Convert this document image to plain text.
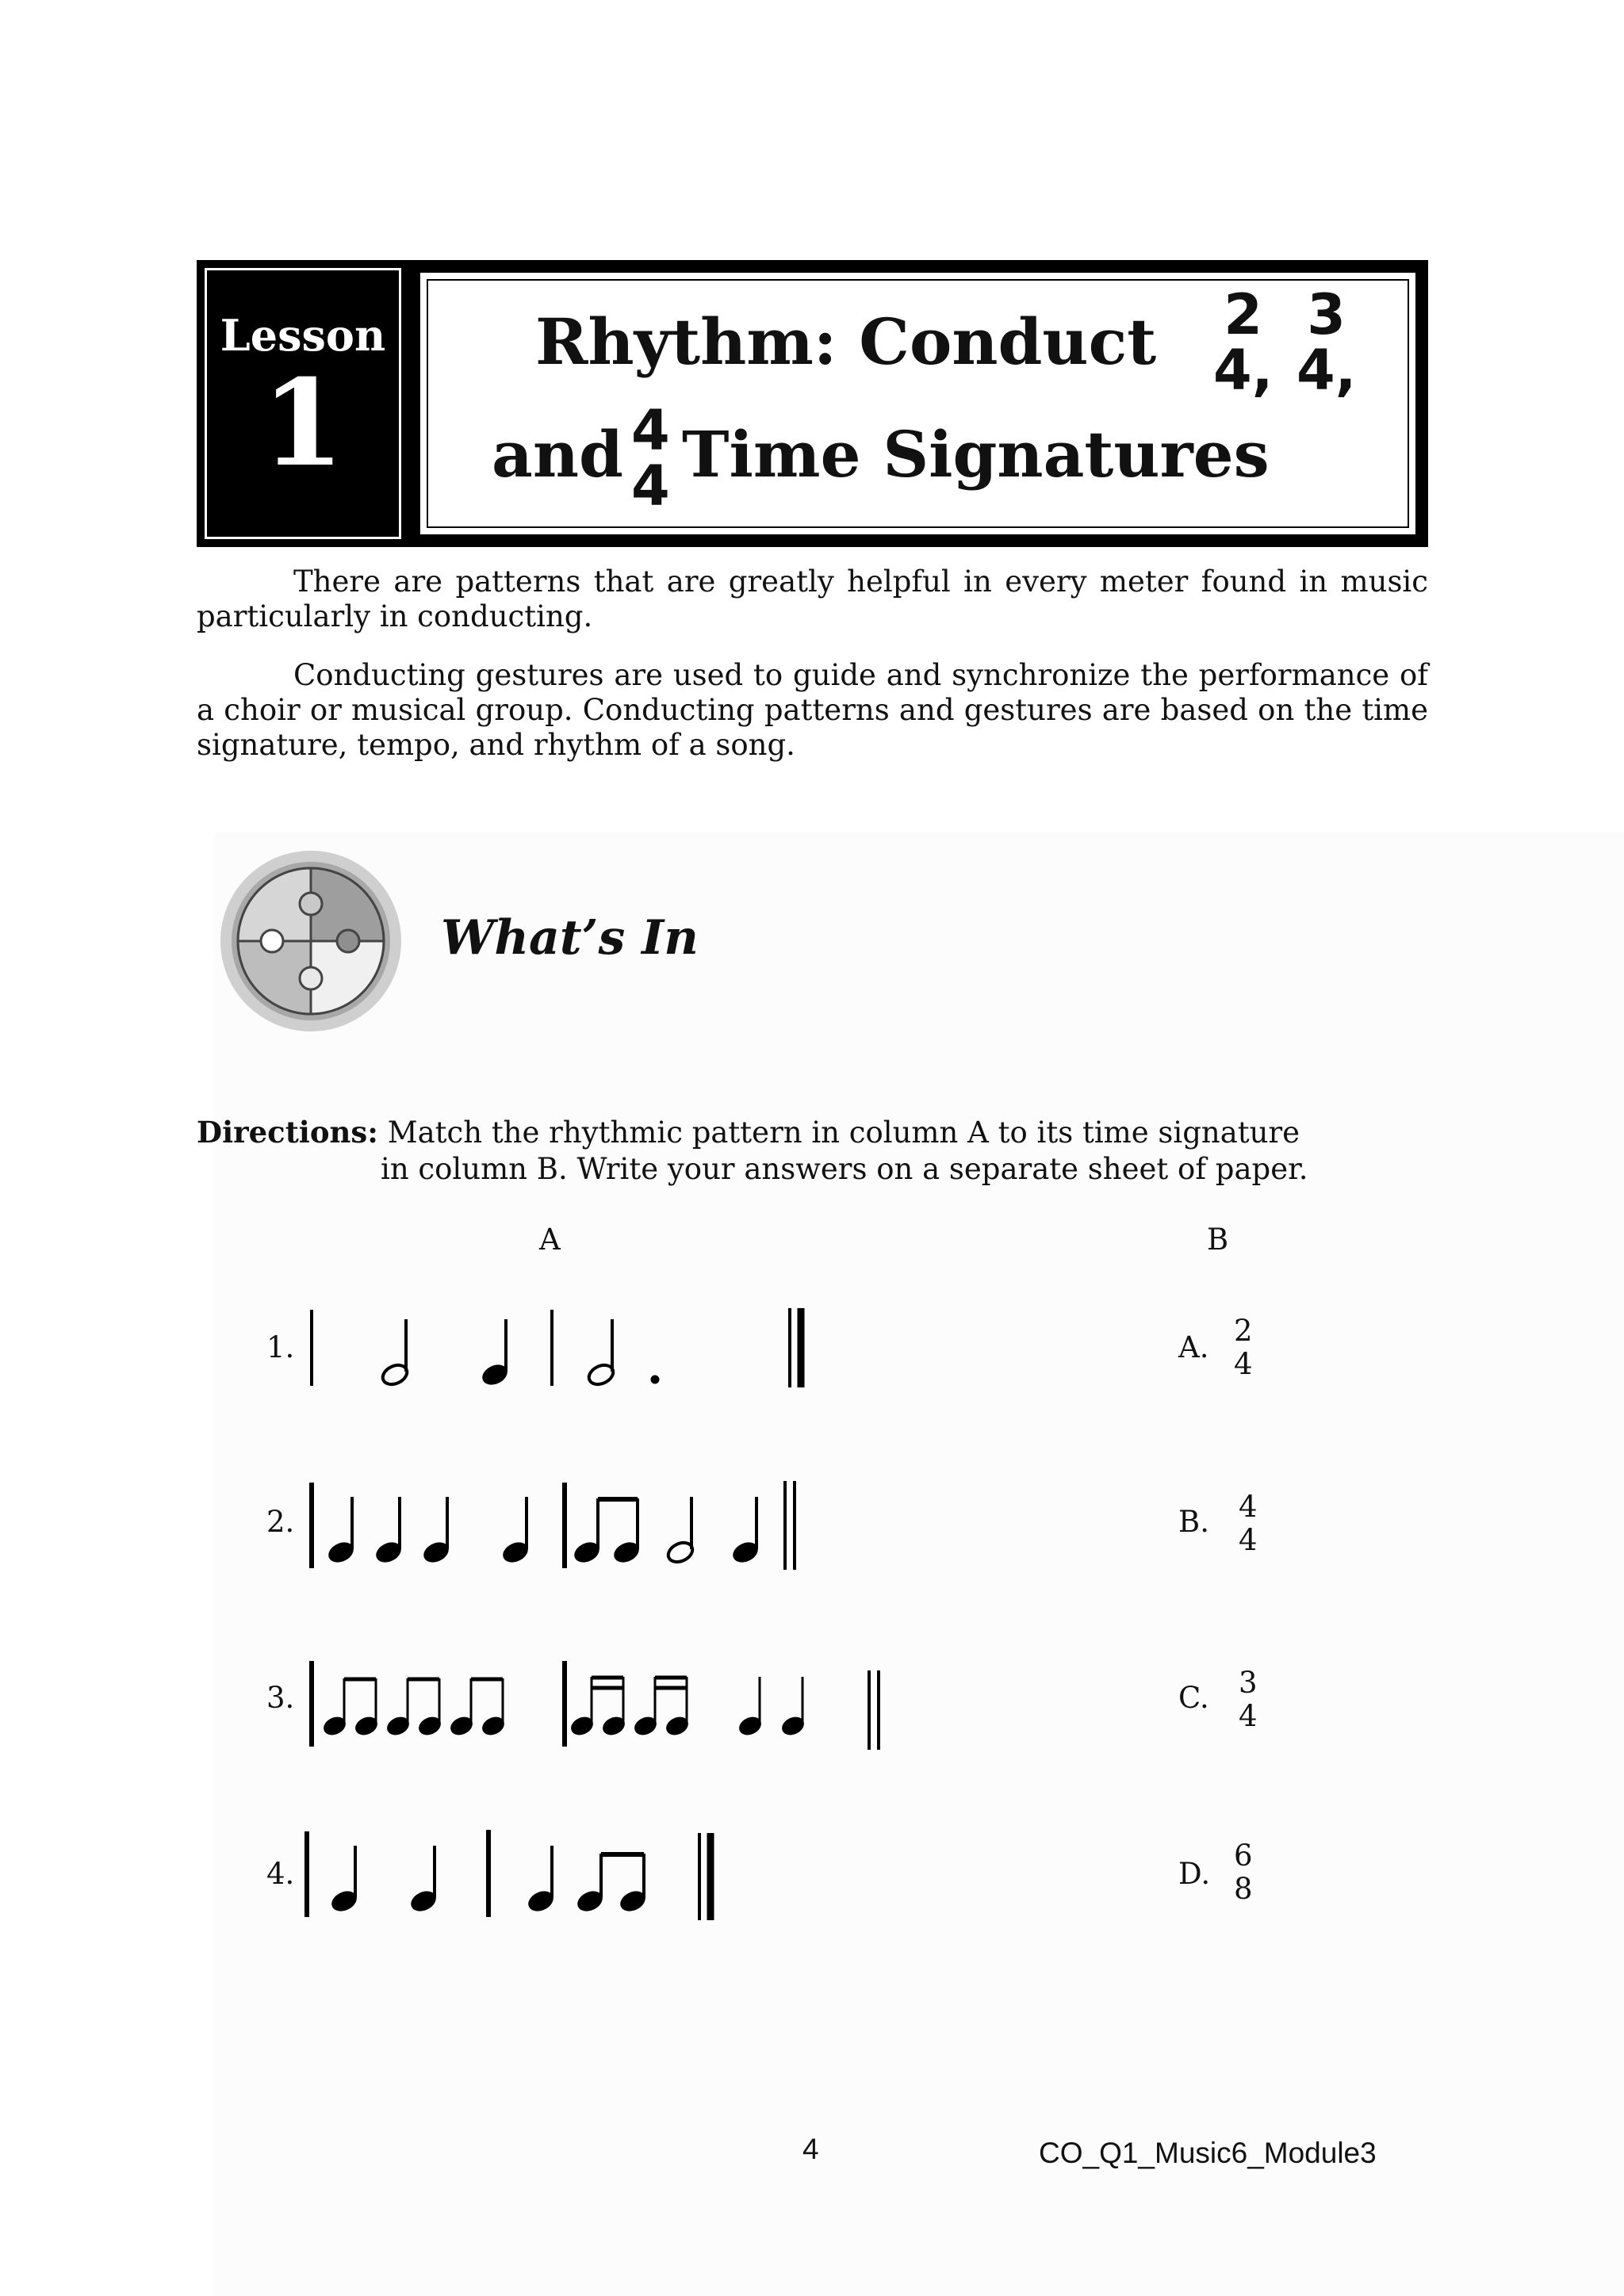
Lesson
1
Rhythm: Conduct 2
4,
3
4,
and 4
4 Time Signatures
There are patterns that are greatly helpful in every meter found in music particularly in conducting.
Conducting gestures are used to guide and synchronize the performance of a choir or musical group. Conducting patterns and gestures are based on the time signature, tempo, and rhythm of a song.
What’s In
Directions: Match the rhythmic pattern in column A to its time signature
in column B. Write your answers on a separate sheet of paper.
A	B
1.	A. 2
4
2.	B. 4
4
3.	C. 3
4
4.	D.
6
8
4	CO_Q1_Music6_Module3
